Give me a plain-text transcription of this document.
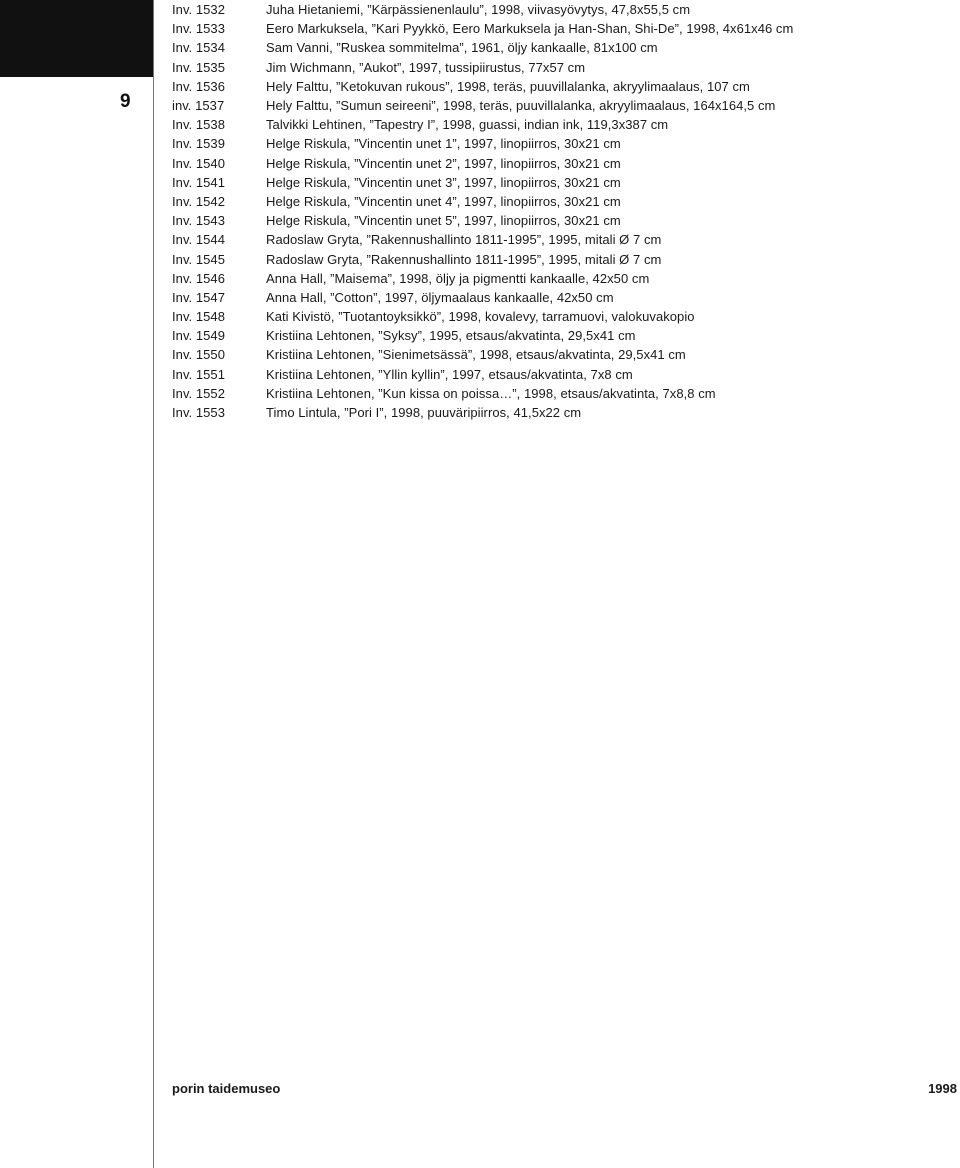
9
Inv. 1532	Juha Hietaniemi, ”Kärpässienenlaulu”, 1998, viivasyövytys, 47,8x55,5 cm
Inv. 1533	Eero Markuksela, ”Kari Pyykkö, Eero Markuksela ja Han-Shan, Shi-De”, 1998, 4x61x46 cm
Inv. 1534	Sam Vanni, ”Ruskea sommitelma”, 1961, öljy kankaalle, 81x100 cm
Inv. 1535	Jim Wichmann, ”Aukot”, 1997, tussipiirustus, 77x57 cm
Inv. 1536	Hely Falttu, ”Ketokuvan rukous”, 1998, teräs, puuvillalanka, akryylimaalaus, 107 cm
inv. 1537	Hely Falttu, ”Sumun seireeni”, 1998, teräs, puuvillalanka, akryylimaalaus, 164x164,5 cm
Inv. 1538	Talvikki Lehtinen, ”Tapestry I”, 1998, guassi, indian ink, 119,3x387 cm
Inv. 1539	Helge Riskula, ”Vincentin unet 1”, 1997, linopiirros, 30x21 cm
Inv. 1540	Helge Riskula, ”Vincentin unet 2”, 1997, linopiirros, 30x21 cm
Inv. 1541	Helge Riskula, ”Vincentin unet 3”, 1997, linopiirros, 30x21 cm
Inv. 1542	Helge Riskula, ”Vincentin unet 4”, 1997, linopiirros, 30x21 cm
Inv. 1543	Helge Riskula, ”Vincentin unet 5”, 1997, linopiirros, 30x21 cm
Inv. 1544	Radoslaw Gryta, ”Rakennushallinto 1811-1995”, 1995, mitali Ø 7 cm
Inv. 1545	Radoslaw Gryta, ”Rakennushallinto 1811-1995”, 1995, mitali Ø 7 cm
Inv. 1546	Anna Hall, ”Maisema”, 1998, öljy ja pigmentti kankaalle, 42x50 cm
Inv. 1547	Anna Hall, ”Cotton”, 1997, öljymaalaus kankaalle, 42x50 cm
Inv. 1548	Kati Kivistö, ”Tuotantoyksikkö”, 1998, kovalevy, tarramuovi, valokuvakopio
Inv. 1549	Kristiina Lehtonen, ”Syksy”, 1995, etsaus/akvatinta, 29,5x41 cm
Inv. 1550	Kristiina Lehtonen, ”Sienimetsässä”, 1998, etsaus/akvatinta, 29,5x41 cm
Inv. 1551	Kristiina Lehtonen, ”Yllin kyllin”, 1997, etsaus/akvatinta, 7x8 cm
Inv. 1552	Kristiina Lehtonen, ”Kun kissa on poissa…”, 1998, etsaus/akvatinta, 7x8,8 cm
Inv. 1553	Timo Lintula, ”Pori I”, 1998, puuväripiirros, 41,5x22 cm
porin taidemuseo	1998
